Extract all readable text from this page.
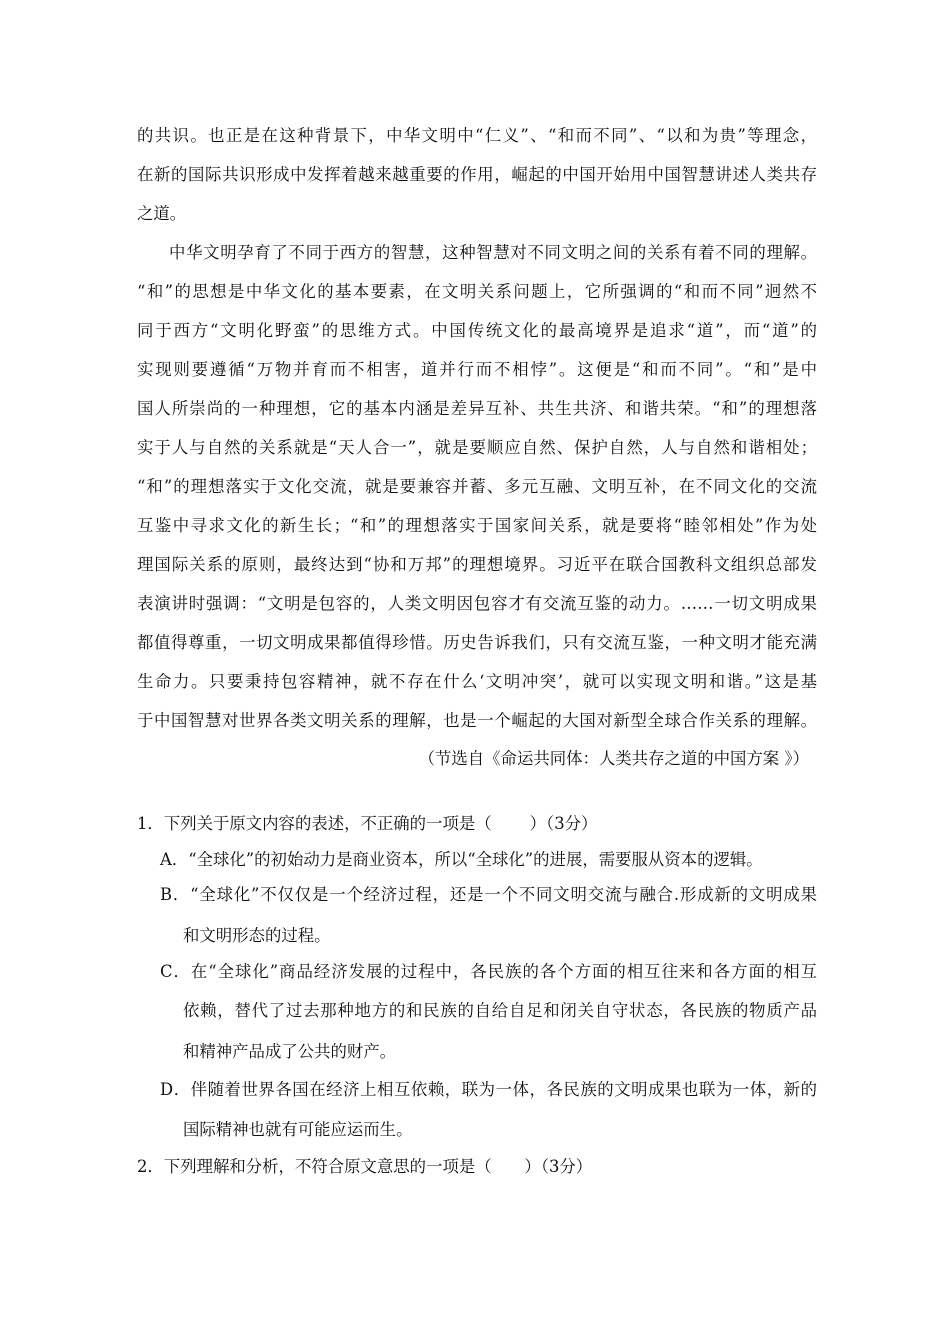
的共识。也正是在这种背景下，中华文明中“仁义”、“和而不同”、“以和为贵”等理念，
在新的国际共识形成中发挥着越来越重要的作用，崛起的中国开始用中国智慧讲述人类共存
之道。
中华文明孕育了不同于西方的智慧，这种智慧对不同文明之间的关系有着不同的理解。
“和”的思想是中华文化的基本要素，在文明关系问题上，它所强调的“和而不同”迥然不
同于西方“文明化野蛮”的思维方式。中国传统文化的最高境界是追求“道”，而“道”的
实现则要遵循“万物并育而不相害，道并行而不相悖”。这便是“和而不同”。“和”是中
国人所崇尚的一种理想，它的基本内涵是差异互补、共生共济、和谐共荣。“和”的理想落
实于人与自然的关系就是“天人合一”，就是要顺应自然、保护自然，人与自然和谐相处；
“和”的理想落实于文化交流，就是要兼容并蓄、多元互融、文明互补，在不同文化的交流
互鉴中寻求文化的新生长；“和”的理想落实于国家间关系，就是要将“睦邻相处”作为处
理国际关系的原则，最终达到“协和万邦”的理想境界。习近平在联合国教科文组织总部发
表演讲时强调：“文明是包容的，人类文明因包容才有交流互鉴的动力。……一切文明成果
都值得尊重，一切文明成果都值得珍惜。历史告诉我们，只有交流互鉴，一种文明才能充满
生命力。只要秉持包容精神，就不存在什么‘文明冲突’，就可以实现文明和谐。”这是基
于中国智慧对世界各类文明关系的理解，也是一个崛起的大国对新型全球合作关系的理解。
（节选自《命运共同体：人类共存之道的中国方案 》）
1．下列关于原文内容的表述，不正确的一项是（　　 ）（3分）
A．“全球化”的初始动力是商业资本，所以“全球化”的进展，需要服从资本的逻辑。
B．“全球化”不仅仅是一个经济过程，还是一个不同文明交流与融合.形成新的文明成果
和文明形态的过程。
C．在“全球化”商品经济发展的过程中，各民族的各个方面的相互往来和各方面的相互
依赖，替代了过去那种地方的和民族的自给自足和闭关自守状态，各民族的物质产品
和精神产品成了公共的财产。
D．伴随着世界各国在经济上相互依赖，联为一体，各民族的文明成果也联为一体，新的
国际精神也就有可能应运而生。
2．下列理解和分析，不符合原文意思的一项是（　　）（3分）
